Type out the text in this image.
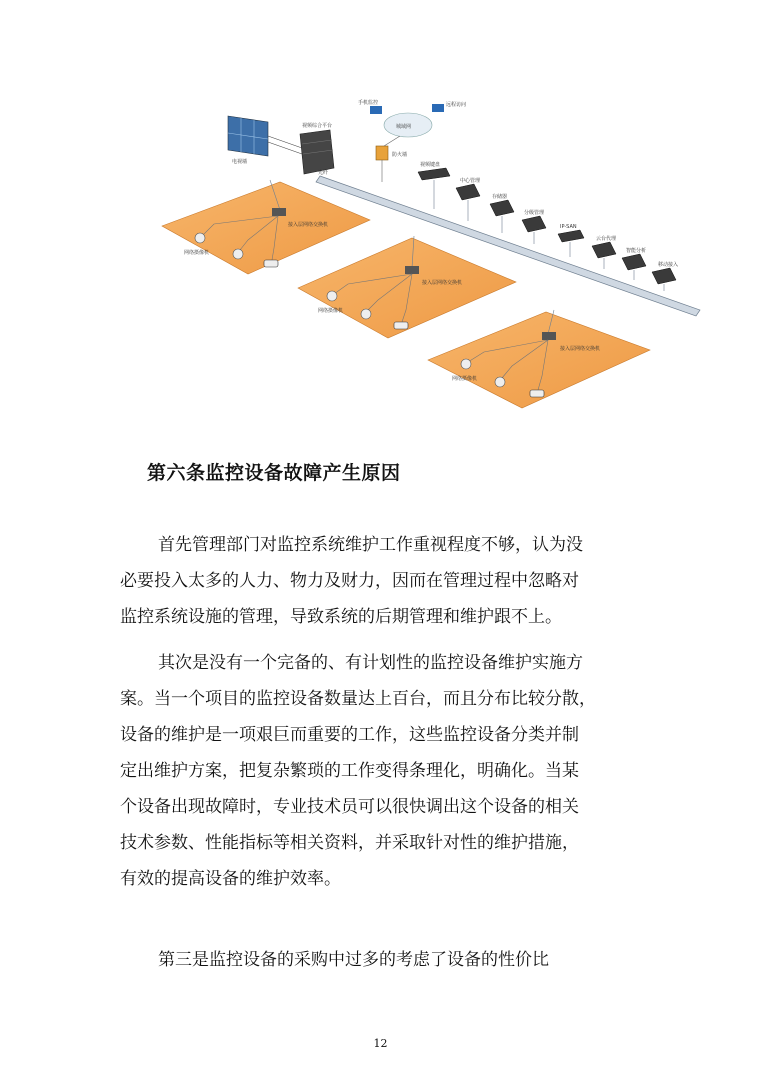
电视墙
视频综合平台	城域网
手机监控	远程访问
防火墙
光纤
视频键盘
中心管理
存储器
分级管理
IP-SAN
云台代理
智能分析
移动接入
接入层网络交换机
网络摄像机
接入层网络交换机
网络摄像机
接入层网络交换机
网络摄像机
第六条监控设备故障产生原因
首先管理部门对监控系统维护工作重视程度不够，认为没
必要投入太多的人力、物力及财力，因而在管理过程中忽略对
监控系统设施的管理，导致系统的后期管理和维护跟不上。
其次是没有一个完备的、有计划性的监控设备维护实施方
案。当一个项目的监控设备数量达上百台，而且分布比较分散，
设备的维护是一项艰巨而重要的工作，这些监控设备分类并制
定出维护方案，把复杂繁琐的工作变得条理化，明确化。当某
个设备出现故障时，专业技术员可以很快调出这个设备的相关
技术参数、性能指标等相关资料，并采取针对性的维护措施，
有效的提高设备的维护效率。
第三是监控设备的采购中过多的考虑了设备的性价比
12
